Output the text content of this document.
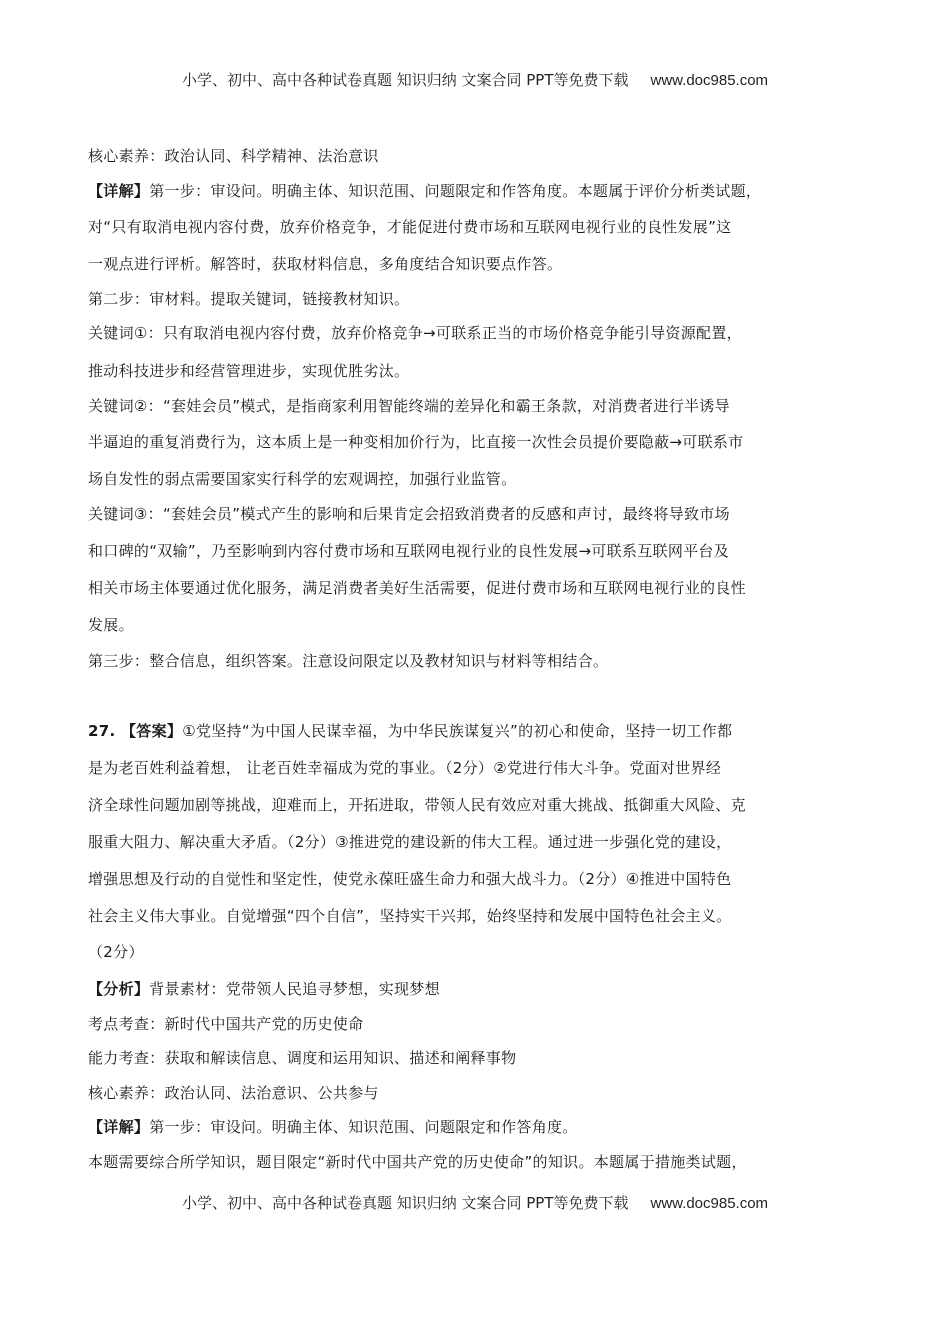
小学、初中、高中各种试卷真题 知识归纳 文案合同 PPT等免费下载 www.doc985.com
核心素养：政治认同、科学精神、法治意识
【详解】第一步：审设问。明确主体、知识范围、问题限定和作答角度。本题属于评价分析类试题，
对“只有取消电视内容付费，放弃价格竞争，才能促进付费市场和互联网电视行业的良性发展”这
一观点进行评析。解答时，获取材料信息，多角度结合知识要点作答。
第二步：审材料。提取关键词，链接教材知识。
关键词①：只有取消电视内容付费，放弃价格竞争→可联系正当的市场价格竞争能引导资源配置，
推动科技进步和经营管理进步，实现优胜劣汰。
关键词②：“套娃会员”模式，是指商家利用智能终端的差异化和霸王条款，对消费者进行半诱导
半逼迫的重复消费行为，这本质上是一种变相加价行为，比直接一次性会员提价要隐蔽→可联系市
场自发性的弱点需要国家实行科学的宏观调控，加强行业监管。
关键词③：“套娃会员”模式产生的影响和后果肯定会招致消费者的反感和声讨，最终将导致市场
和口碑的“双输”，乃至影响到内容付费市场和互联网电视行业的良性发展→可联系互联网平台及
相关市场主体要通过优化服务，满足消费者美好生活需要，促进付费市场和互联网电视行业的良性
发展。
第三步：整合信息，组织答案。注意设问限定以及教材知识与材料等相结合。
27. 【答案】①党坚持“为中国人民谋幸福，为中华民族谋复兴”的初心和使命，坚持一切工作都
是为老百姓利益着想， 让老百姓幸福成为党的事业。（2分）②党进行伟大斗争。党面对世界经
济全球性问题加剧等挑战，迎难而上，开拓进取，带领人民有效应对重大挑战、抵御重大风险、克
服重大阻力、解决重大矛盾。（2分）③推进党的建设新的伟大工程。通过进一步强化党的建设，
增强思想及行动的自觉性和坚定性，使党永葆旺盛生命力和强大战斗力。（2分）④推进中国特色
社会主义伟大事业。自觉增强“四个自信”，坚持实干兴邦，始终坚持和发展中国特色社会主义。
（2分）
【分析】背景素材：党带领人民追寻梦想，实现梦想
考点考查：新时代中国共产党的历史使命
能力考查：获取和解读信息、调度和运用知识、描述和阐释事物
核心素养：政治认同、法治意识、公共参与
【详解】第一步：审设问。明确主体、知识范围、问题限定和作答角度。
本题需要综合所学知识，题目限定“新时代中国共产党的历史使命”的知识。本题属于措施类试题，
小学、初中、高中各种试卷真题 知识归纳 文案合同 PPT等免费下载 www.doc985.com
